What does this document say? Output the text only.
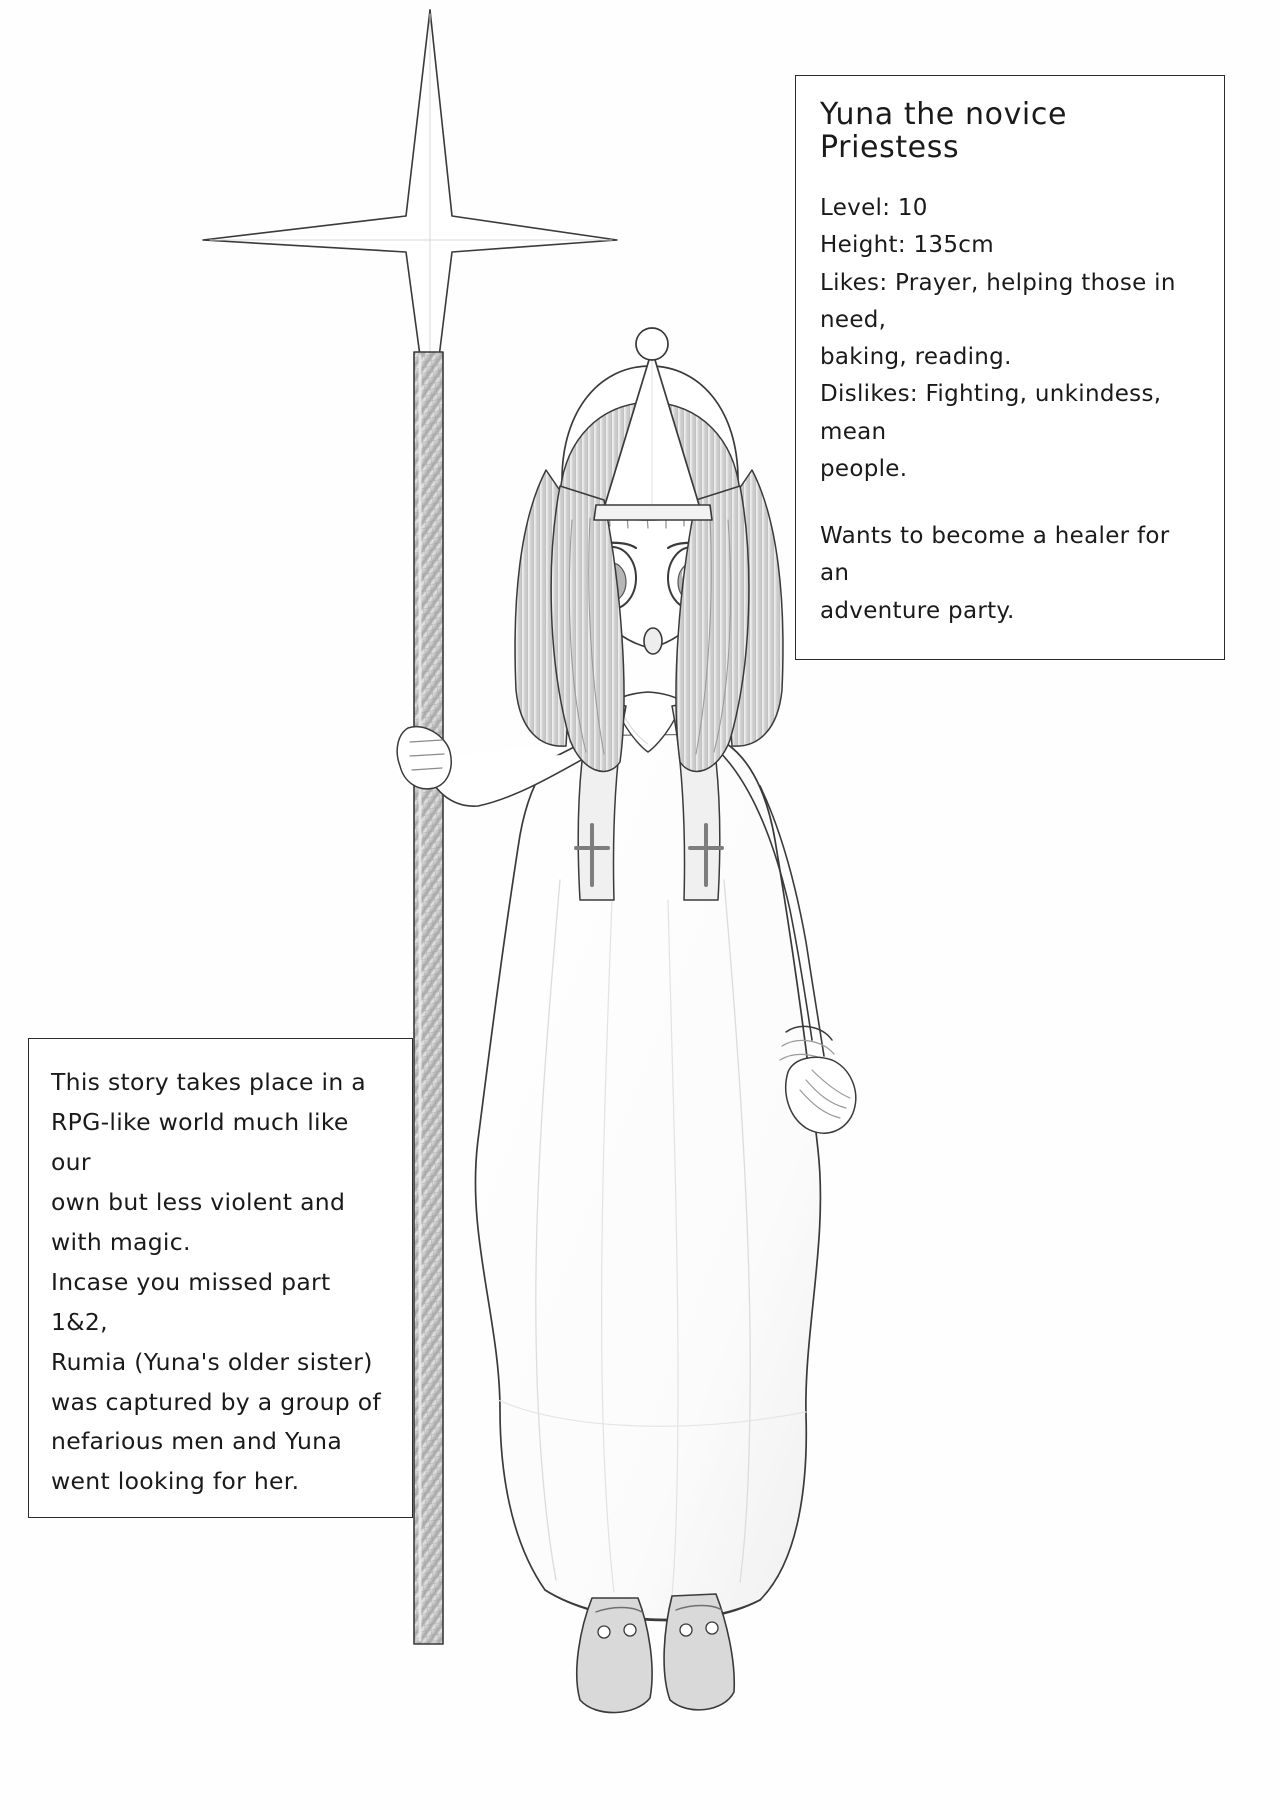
Yuna the novice Priestess

Level: 10

Height: 135cm

Likes: Prayer, helping those in need,

baking, reading.

Dislikes: Fighting, unkindess, mean

people.

Wants to become a healer for an

adventure party.

This story takes place in a

RPG-like world much like our

own but less violent and

with magic.

Incase you missed part 1&2,

Rumia (Yuna's older sister)

was captured by a group of

nefarious men and Yuna

went looking for her.
